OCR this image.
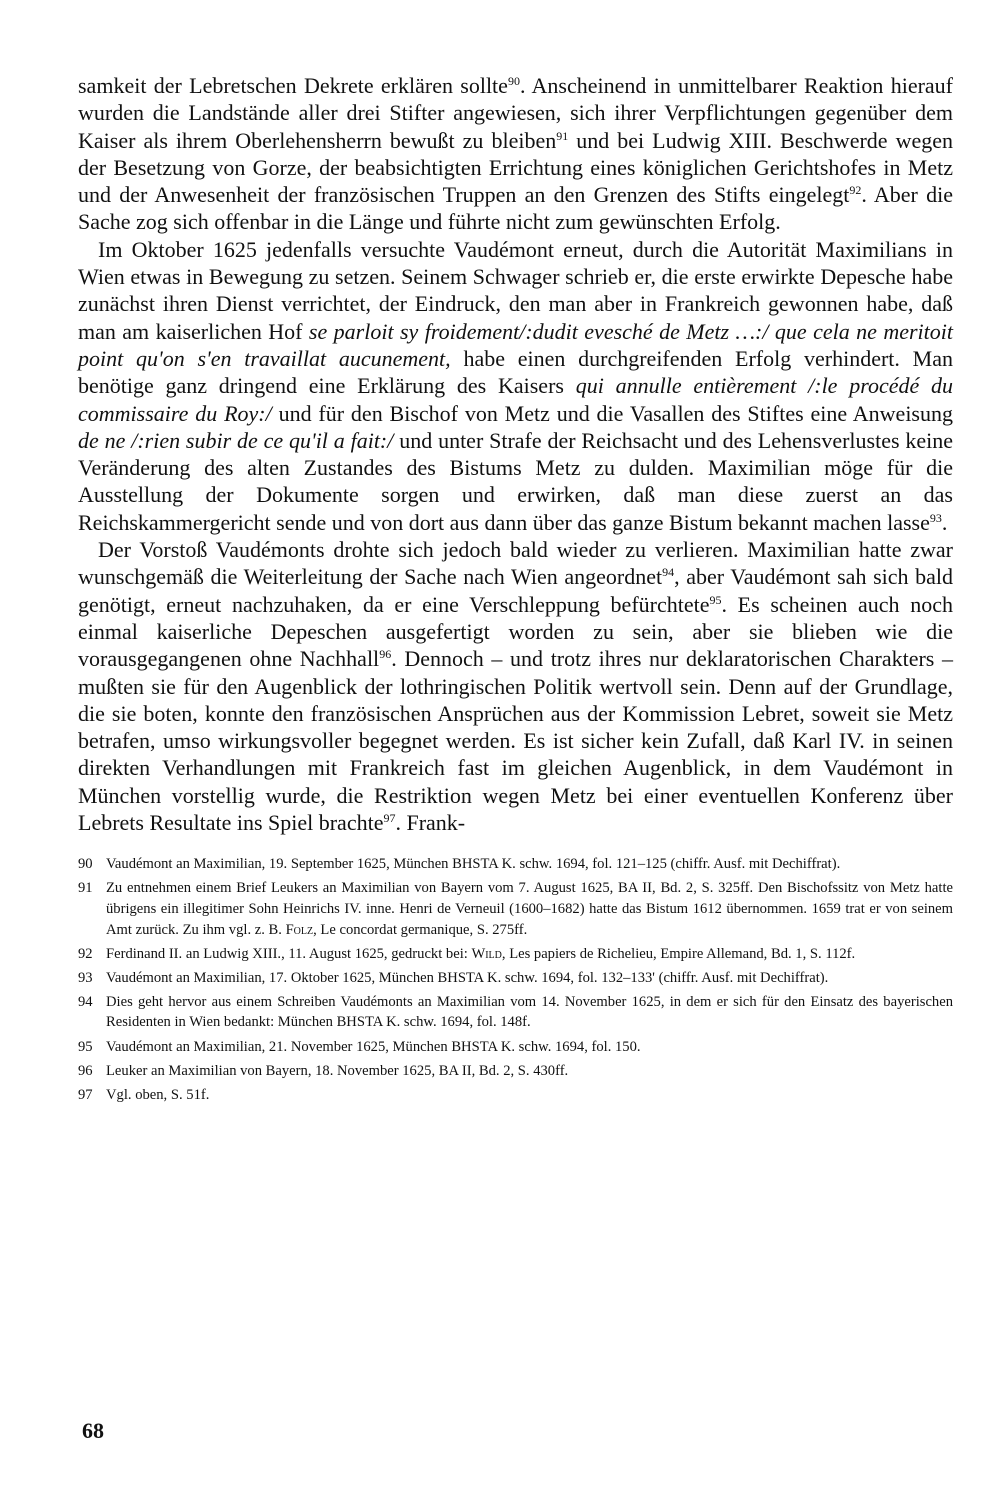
samkeit der Lebretschen Dekrete erklären sollte$^{90}$. Anscheinend in unmittelbarer Reaktion hierauf wurden die Landstände aller drei Stifter angewiesen, sich ihrer Verpflichtungen gegenüber dem Kaiser als ihrem Oberlehensherrn bewußt zu bleiben$^{91}$ und bei Ludwig XIII. Beschwerde wegen der Besetzung von Gorze, der beabsichtigten Errichtung eines königlichen Gerichtshofes in Metz und der Anwesenheit der französischen Truppen an den Grenzen des Stifts eingelegt$^{92}$. Aber die Sache zog sich offenbar in die Länge und führte nicht zum gewünschten Erfolg.

Im Oktober 1625 jedenfalls versuchte Vaudémont erneut, durch die Autorität Maximilians in Wien etwas in Bewegung zu setzen. Seinem Schwager schrieb er, die erste erwirkte Depesche habe zunächst ihren Dienst verrichtet, der Eindruck, den man aber in Frankreich gewonnen habe, daß man am kaiserlichen Hof se parloit sy froidement/:dudit evesché de Metz …:/ que cela ne meritoit point qu'on s'en travaillat aucunement, habe einen durchgreifenden Erfolg verhindert. Man benötige ganz dringend eine Erklärung des Kaisers qui annulle entièrement /:le procédé du commissaire du Roy:/ und für den Bischof von Metz und die Vasallen des Stiftes eine Anweisung de ne /:rien subir de ce qu'il a fait:/ und unter Strafe der Reichsacht und des Lehensverlustes keine Veränderung des alten Zustandes des Bistums Metz zu dulden. Maximilian möge für die Ausstellung der Dokumente sorgen und erwirken, daß man diese zuerst an das Reichskammergericht sende und von dort aus dann über das ganze Bistum bekannt machen lasse$^{93}$.

Der Vorstoß Vaudémonts drohte sich jedoch bald wieder zu verlieren. Maximilian hatte zwar wunschgemäß die Weiterleitung der Sache nach Wien angeordnet$^{94}$, aber Vaudémont sah sich bald genötigt, erneut nachzuhaken, da er eine Verschleppung befürchtete$^{95}$. Es scheinen auch noch einmal kaiserliche Depeschen ausgefertigt worden zu sein, aber sie blieben wie die vorausgegangenen ohne Nachhall$^{96}$. Dennoch – und trotz ihres nur deklaratorischen Charakters – mußten sie für den Augenblick der lothringischen Politik wertvoll sein. Denn auf der Grundlage, die sie boten, konnte den französischen Ansprüchen aus der Kommission Lebret, soweit sie Metz betrafen, umso wirkungsvoller begegnet werden. Es ist sicher kein Zufall, daß Karl IV. in seinen direkten Verhandlungen mit Frankreich fast im gleichen Augenblick, in dem Vaudémont in München vorstellig wurde, die Restriktion wegen Metz bei einer eventuellen Konferenz über Lebrets Resultate ins Spiel brachte$^{97}$. Frank-

90 Vaudémont an Maximilian, 19. September 1625, München BHSTA K. schw. 1694, fol. 121–125 (chiffr. Ausf. mit Dechiffrat).
91 Zu entnehmen einem Brief Leukers an Maximilian von Bayern vom 7. August 1625, BA II, Bd. 2, S. 325ff. Den Bischofssitz von Metz hatte übrigens ein illegitimer Sohn Heinrichs IV. inne. Henri de Verneuil (1600–1682) hatte das Bistum 1612 übernommen. 1659 trat er von seinem Amt zurück. Zu ihm vgl. z. B. Folz, Le concordat germanique, S. 275ff.
92 Ferdinand II. an Ludwig XIII., 11. August 1625, gedruckt bei: Wild, Les papiers de Richelieu, Empire Allemand, Bd. 1, S. 112f.
93 Vaudémont an Maximilian, 17. Oktober 1625, München BHSTA K. schw. 1694, fol. 132–133' (chiffr. Ausf. mit Dechiffrat).
94 Dies geht hervor aus einem Schreiben Vaudémonts an Maximilian vom 14. November 1625, in dem er sich für den Einsatz des bayerischen Residenten in Wien bedankt: München BHSTA K. schw. 1694, fol. 148f.
95 Vaudémont an Maximilian, 21. November 1625, München BHSTA K. schw. 1694, fol. 150.
96 Leuker an Maximilian von Bayern, 18. November 1625, BA II, Bd. 2, S. 430ff.
97 Vgl. oben, S. 51f.
68
